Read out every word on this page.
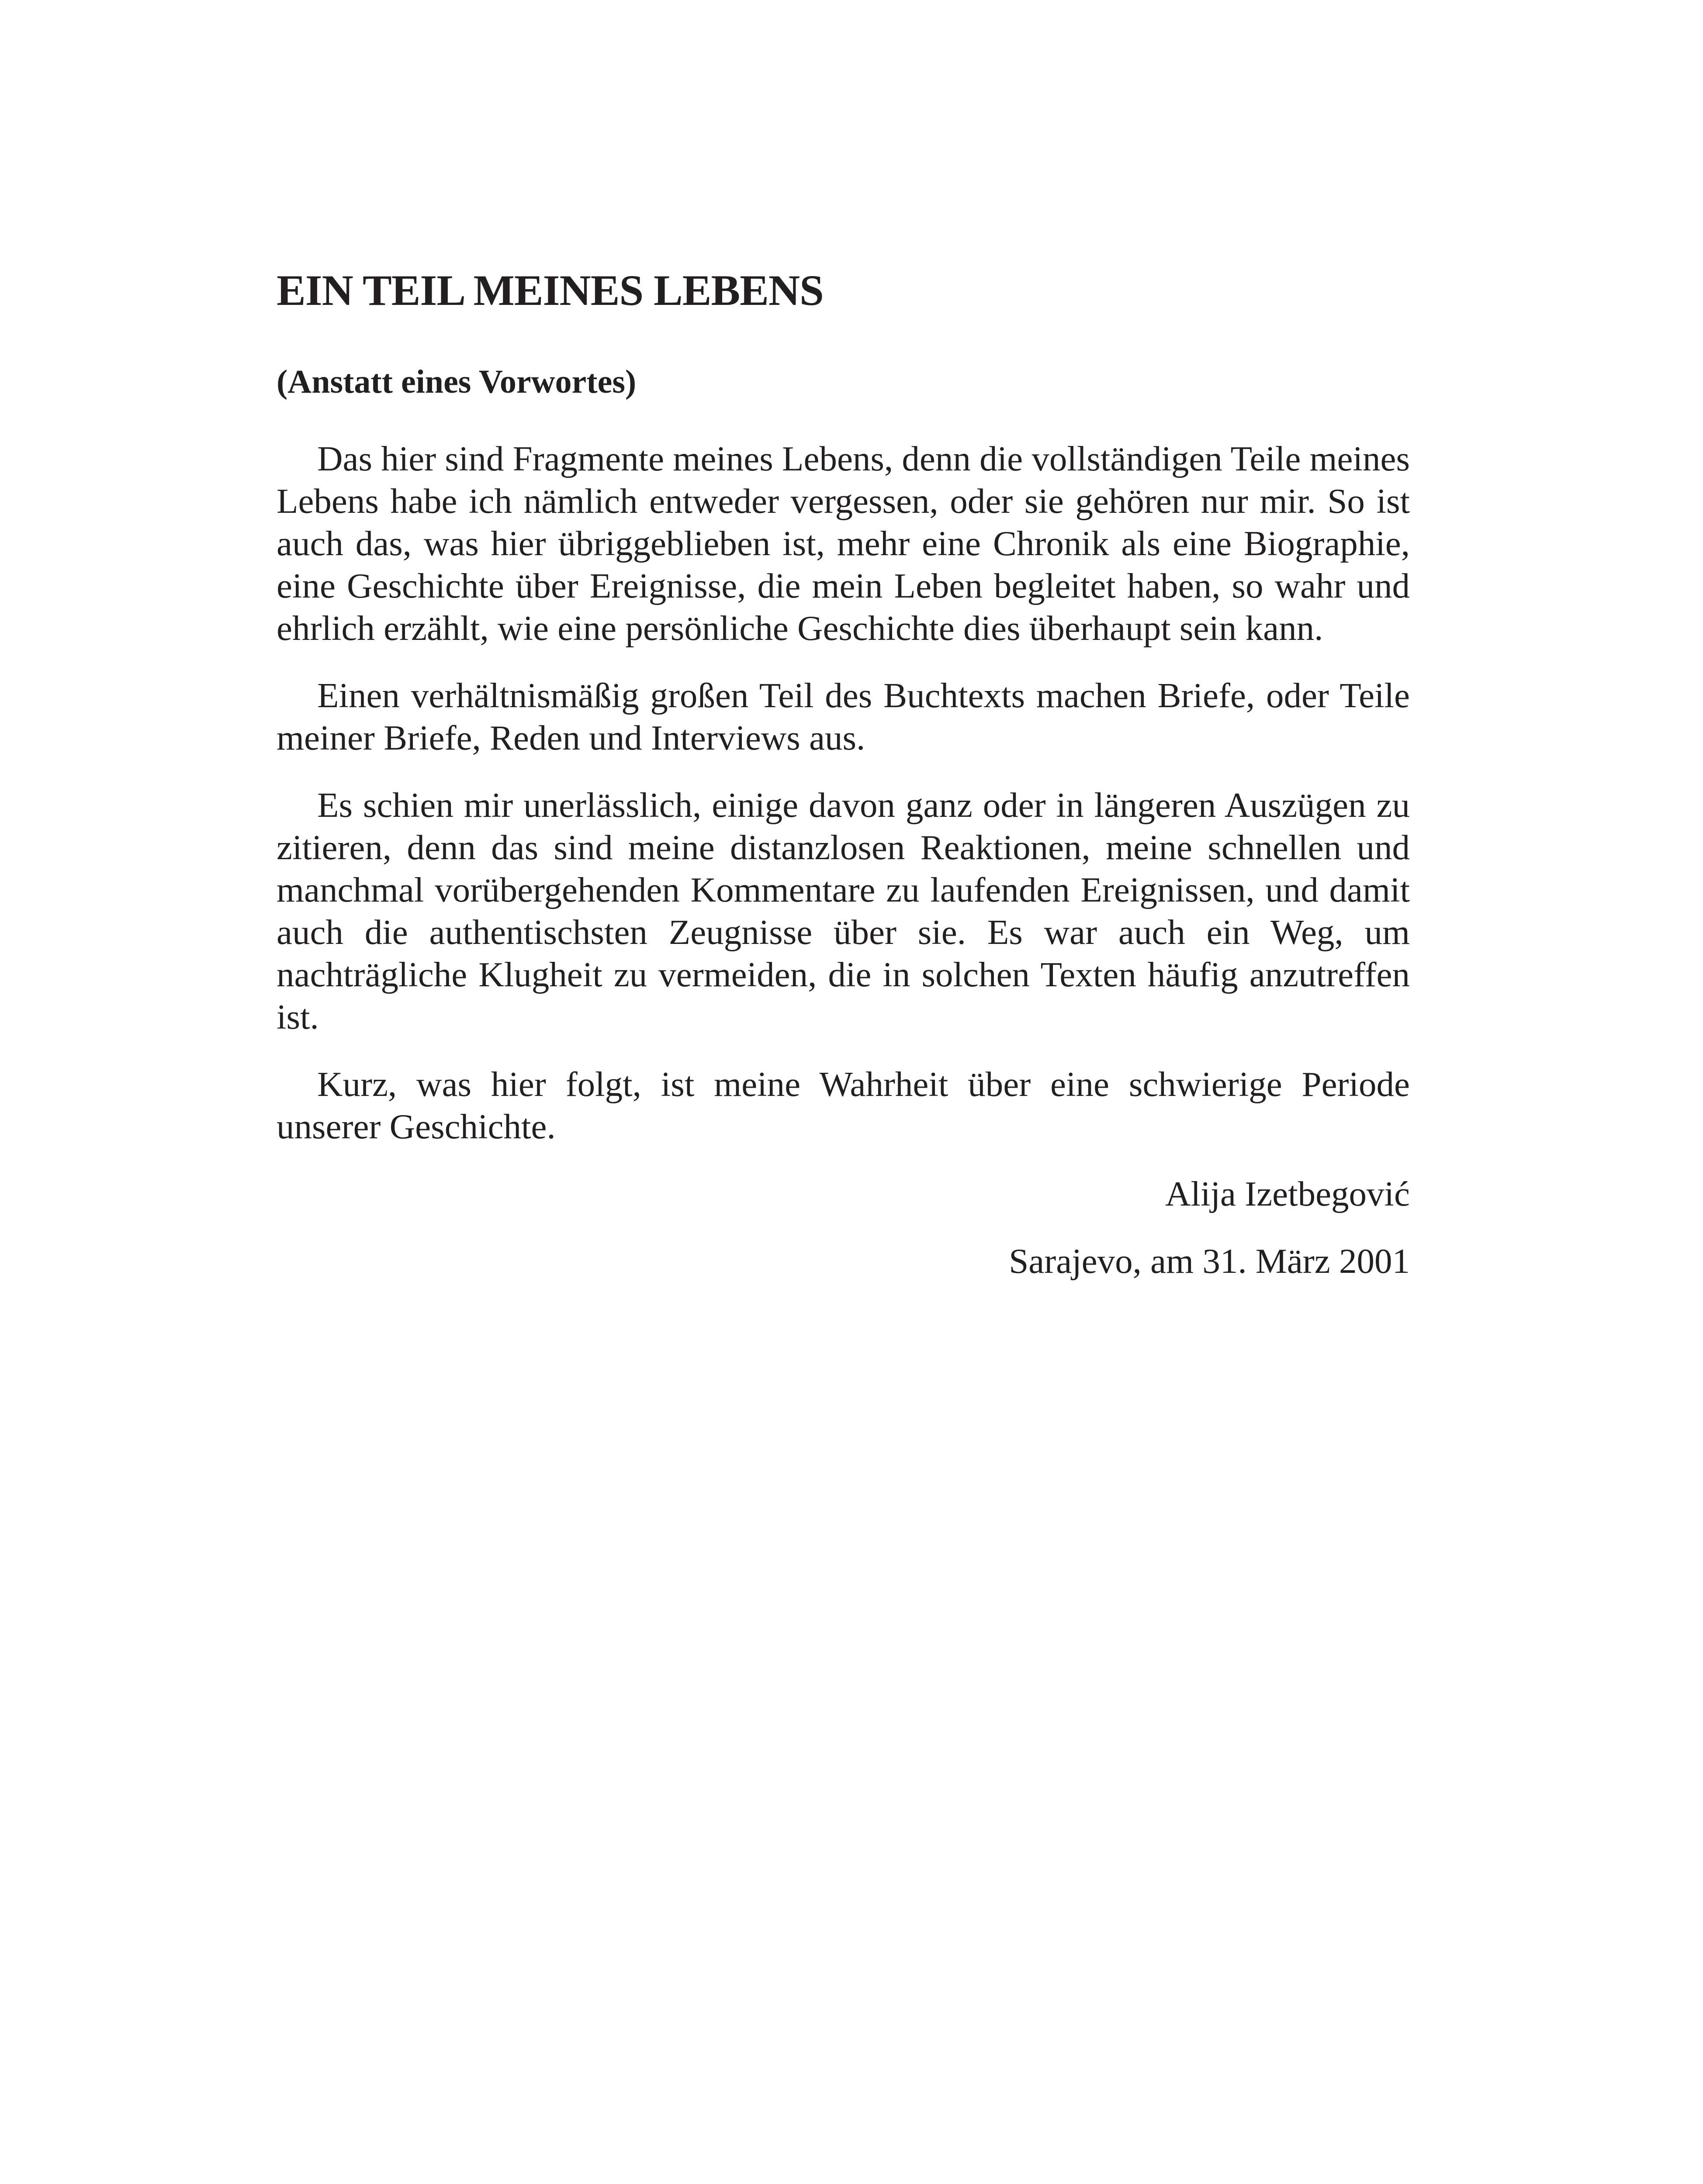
EIN TEIL MEINES LEBENS
(Anstatt eines Vorwortes)

Das hier sind Fragmente meines Lebens, denn die vollständigen Teile meines Lebens habe ich nämlich entweder vergessen, oder sie gehören nur mir. So ist auch das, was hier übriggeblieben ist, mehr eine Chronik als eine Biographie, eine Geschichte über Ereignisse, die mein Leben begleitet haben, so wahr und ehrlich erzählt, wie eine persönliche Geschichte dies überhaupt sein kann.

Einen verhältnismäßig großen Teil des Buchtexts machen Briefe, oder Teile meiner Briefe, Reden und Interviews aus.

Es schien mir unerlässlich, einige davon ganz oder in längeren Auszügen zu zitieren, denn das sind meine distanzlosen Reaktionen, meine schnellen und manchmal vorübergehenden Kommentare zu laufenden Ereignissen, und damit auch die authentischsten Zeugnisse über sie. Es war auch ein Weg, um nachträgliche Klugheit zu vermeiden, die in solchen Texten häufig anzutreffen ist.

Kurz, was hier folgt, ist meine Wahrheit über eine schwierige Periode unserer Geschichte.

Alija Izetbegović

Sarajevo, am 31. März 2001
